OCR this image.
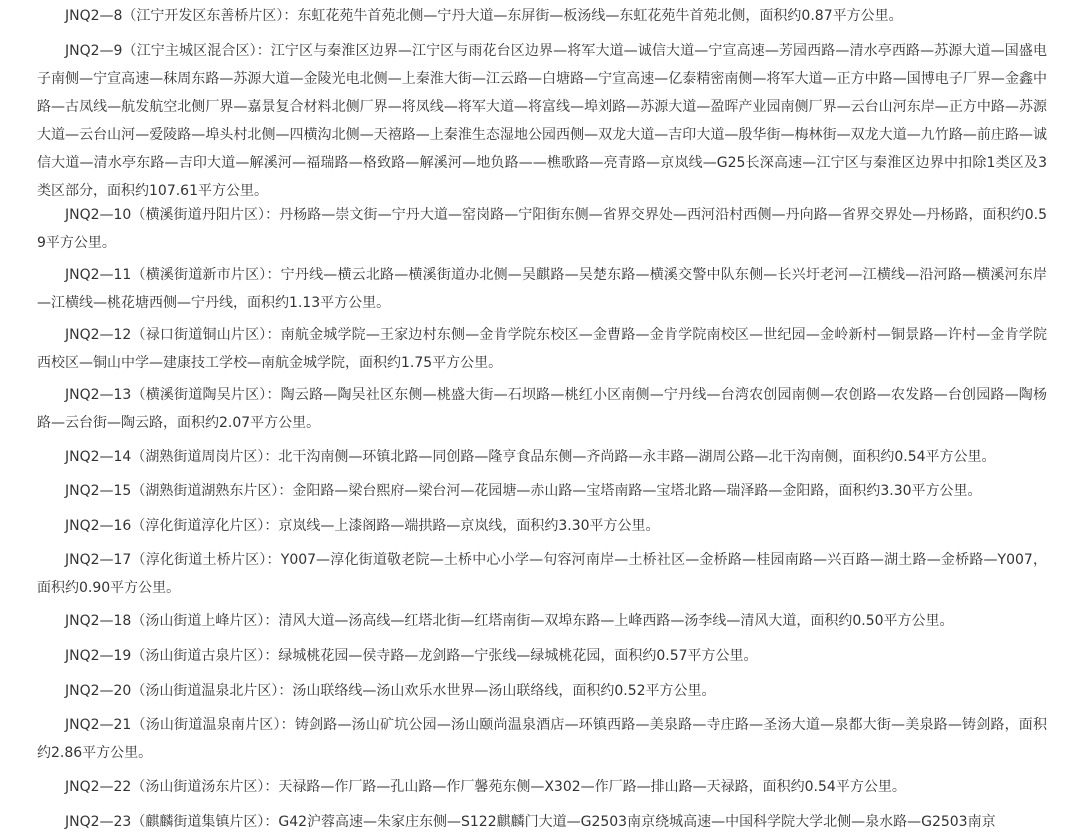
JNQ2—8（江宁开发区东善桥片区）：东虹花苑牛首苑北侧—宁丹大道—东屏街—板汤线—东虹花苑牛首苑北侧，面积约0.87平方公里。

JNQ2—9（江宁主城区混合区）：江宁区与秦淮区边界—江宁区与雨花台区边界—将军大道—诚信大道—宁宣高速—芳园西路—清水亭西路—苏源大道—国盛电子南侧—宁宣高速—秣周东路—苏源大道—金陵光电北侧—上秦淮大街—江云路—白塘路—宁宣高速—亿泰精密南侧—将军大道—正方中路—国博电子厂界—金鑫中路—古凤线—航发航空北侧厂界—嘉景复合材料北侧厂界—将凤线—将军大道—将富线—埠刘路—苏源大道—盈晖产业园南侧厂界—云台山河东岸—正方中路—苏源大道—云台山河—爱陵路—埠头村北侧—四横沟北侧—天禧路—上秦淮生态湿地公园西侧—双龙大道—吉印大道—殷华街—梅林街—双龙大道—九竹路—前庄路—诚信大道—清水亭东路—吉印大道—解溪河—福瑞路—格致路—解溪河—地负路——樵歌路—亮青路—京岚线—G25长深高速—江宁区与秦淮区边界中扣除1类区及3类区部分，面积约107.61平方公里。

JNQ2—10（横溪街道丹阳片区）：丹杨路—崇文街—宁丹大道—窑岗路—宁阳街东侧—省界交界处—西河沿村西侧—丹向路—省界交界处—丹杨路，面积约0.59平方公里。

JNQ2—11（横溪街道新市片区）：宁丹线—横云北路—横溪街道办北侧—吴麒路—吴楚东路—横溪交警中队东侧—长兴圩老河—江横线—沿河路—横溪河东岸—江横线—桃花塘西侧—宁丹线，面积约1.13平方公里。

JNQ2—12（禄口街道铜山片区）：南航金城学院—王家边村东侧—金肯学院东校区—金曹路—金肯学院南校区—世纪园—金岭新村—铜景路—许村—金肯学院西校区—铜山中学—建康技工学校—南航金城学院，面积约1.75平方公里。

JNQ2—13（横溪街道陶吴片区）：陶云路—陶吴社区东侧—桃盛大街—石坝路—桃红小区南侧—宁丹线—台湾农创园南侧—农创路—农发路—台创园路—陶杨路—云台街—陶云路，面积约2.07平方公里。

JNQ2—14（湖熟街道周岗片区）：北干沟南侧—环镇北路—同创路—隆亨食品东侧—齐尚路—永丰路—湖周公路—北干沟南侧，面积约0.54平方公里。

JNQ2—15（湖熟街道湖熟东片区）：金阳路—梁台熙府—梁台河—花园塘—赤山路—宝塔南路—宝塔北路—瑞泽路—金阳路，面积约3.30平方公里。

JNQ2—16（淳化街道淳化片区）：京岚线—上漆阁路—端拱路—京岚线，面积约3.30平方公里。

JNQ2—17（淳化街道土桥片区）：Y007—淳化街道敬老院—土桥中心小学—句容河南岸—土桥社区—金桥路—桂园南路—兴百路—湖土路—金桥路—Y007，面积约0.90平方公里。

JNQ2—18（汤山街道上峰片区）：清风大道—汤高线—红塔北街—红塔南街—双埠东路—上峰西路—汤李线—清风大道，面积约0.50平方公里。

JNQ2—19（汤山街道古泉片区）：绿城桃花园—侯寺路—龙剑路—宁张线—绿城桃花园，面积约0.57平方公里。

JNQ2—20（汤山街道温泉北片区）：汤山联络线—汤山欢乐水世界—汤山联络线，面积约0.52平方公里。

JNQ2—21（汤山街道温泉南片区）：铸剑路—汤山矿坑公园—汤山颐尚温泉酒店—环镇西路—美泉路—寺庄路—圣汤大道—泉都大街—美泉路—铸剑路，面积约2.86平方公里。

JNQ2—22（汤山街道汤东片区）：天禄路—作厂路—孔山路—作厂馨苑东侧—X302—作厂路—排山路—天禄路，面积约0.54平方公里。

JNQ2—23（麒麟街道集镇片区）：G42沪蓉高速—朱家庄东侧—S122麒麟门大道—G2503南京绕城高速—中国科学院大学北侧—泉水路—G2503南京
